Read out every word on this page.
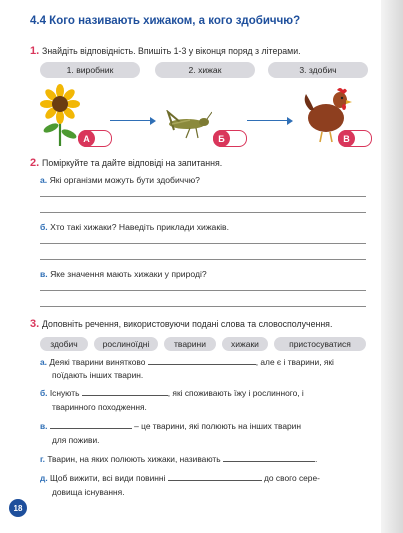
4.4 Кого називають хижаком, а кого здобиччю?
1. Знайдіть відповідність. Впишіть 1-3 у віконця поряд з літерами.
1. виробник	2. хижак	3. здобич
А	Б	В
2. Поміркуйте та дайте відповіді на запитання.
а. Які організми можуть бути здобиччю?
б. Хто такі хижаки? Наведіть приклади хижаків.
в. Яке значення мають хижаки у природі?
3. Доповніть речення, використовуючи подані слова та словосполучення.
здобич	рослиноїдні	тварини	хижаки	пристосуватися
а. Деякі тварини винятково	, але є і тварини, які
поїдають інших тварин.
б. Існують	, які споживають їжу і рослинного, і
тваринного походження.
в.	– це тварини, які полюють на інших тварин
для поживи.
г. Тварин, на яких полюють хижаки, називають	.
д. Щоб вижити, всі види повинні	до свого сере-
довища існування.
18
